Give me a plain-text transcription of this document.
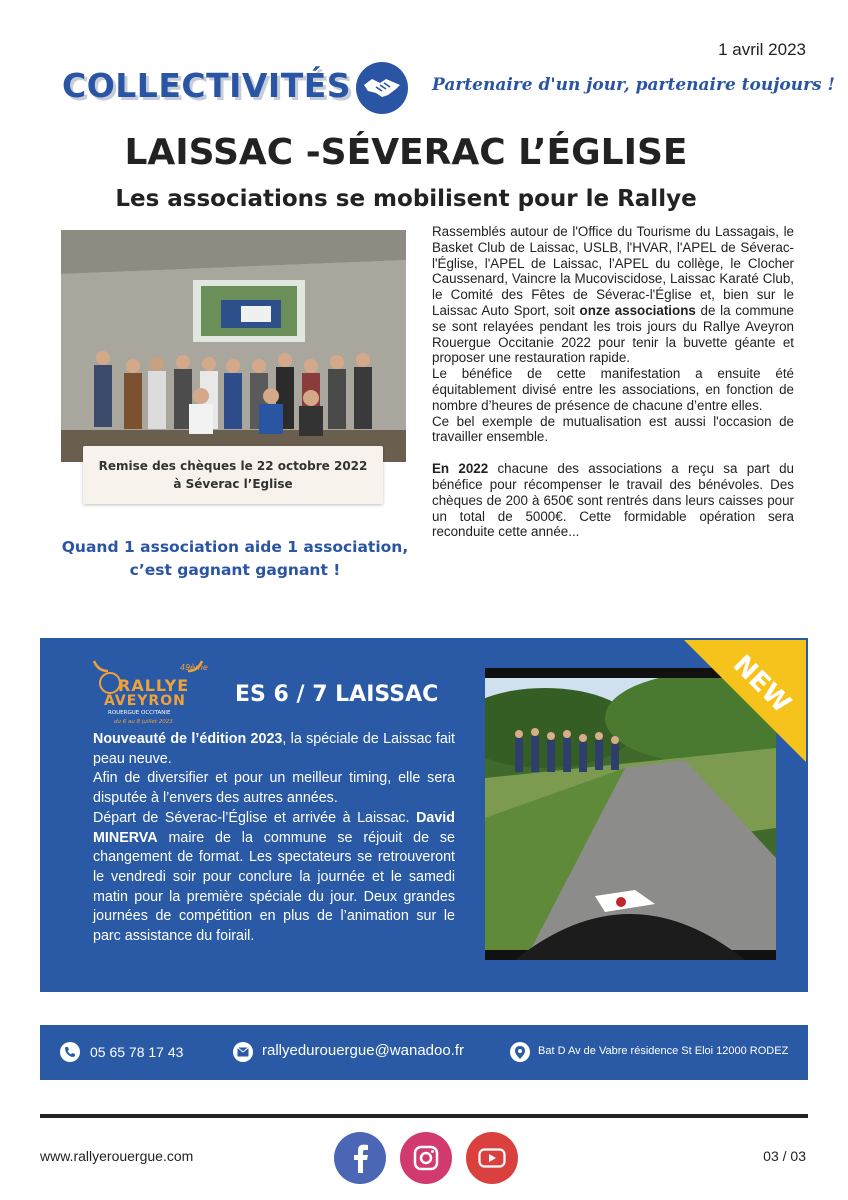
1 avril 2023
COLLECTIVITÉS	Partenaire d'un jour, partenaire toujours !
LAISSAC -SÉVERAC L’ÉGLISE
Les associations se mobilisent pour le Rallye
Remise des chèques le 22 octobre 2022
à Séverac l’Eglise
Quand 1 association aide 1 association,
c’est gagnant gagnant !

Rassemblés autour de l'Office du Tourisme du Lassagais, le Basket Club de Laissac, USLB, l'HVAR, l'APEL de Séverac-l'Église, l'APEL de Laissac, l'APEL du collège, le Clocher Caussenard, Vaincre la Mucoviscidose, Laissac Karaté Club, le Comité des Fêtes de Séverac-l'Église et, bien sur le Laissac Auto Sport, soit onze associations de la commune se sont relayées pendant les trois jours du Rallye Aveyron Rouergue Occitanie 2022 pour tenir la buvette géante et proposer une restauration rapide.

Le bénéfice de cette manifestation a ensuite été équitablement divisé entre les associations, en fonction de nombre d’heures de présence de chacune d’entre elles.

Ce bel exemple de mutualisation est aussi l'occasion de travailler ensemble.

En 2022 chacune des associations a reçu sa part du bénéfice pour récompenser le travail des bénévoles. Des chèques de 200 à 650€ sont rentrés dans leurs caisses pour un total de 5000€. Cette formidable opération sera reconduite cette année...

49ème
RALLYE
AVEYRON
ROUERGUE OCCITANIE
du 6 au 8 juillet 2023
ES 6 / 7 LAISSAC

Nouveauté de l’édition 2023, la spéciale de Laissac fait peau neuve.

Afin de diversifier et pour un meilleur timing, elle sera disputée à l’envers des autres années.

Départ de Séverac-l’Église et arrivée à Laissac. David MINERVA maire de la commune se réjouit de se changement de format. Les spectateurs se retrouveront le vendredi soir pour conclure la journée et le samedi matin pour la première spéciale du jour. Deux grandes journées de compétition en plus de l’animation sur le parc assistance du foirail.

NEW
05 65 78 17 43	rallyedurouergue@wanadoo.fr	Bat D Av de Vabre résidence St Eloi 12000 RODEZ
www.rallyerouergue.com	03 / 03
